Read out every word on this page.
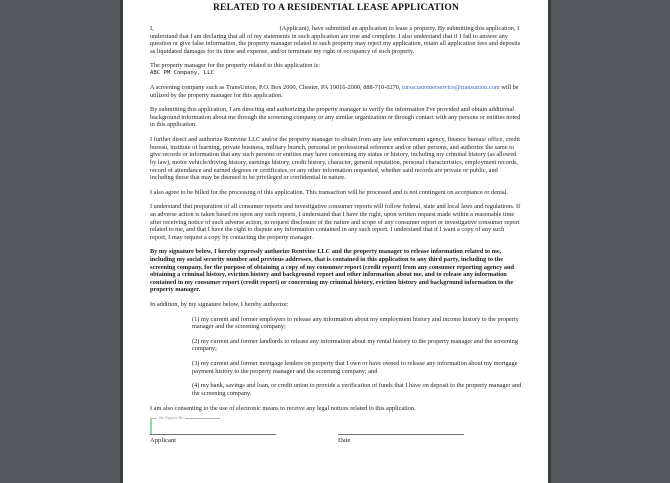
RELATED TO A RESIDENTIAL LEASE APPLICATION

I,	(Applicant), have submitted an application to lease a property. By submitting this application, I understand that I am declaring that all of my statements in such application are true and complete. I also understand that if I fail to answer any question or give false information, the property manager related to such property may reject my application, retain all application fees and deposits as liquidated damages for its time and expense, and/or terminate my right of occupancy of such property.

The property manager for the property related to this application is:

ABC PM Company, LLC

A screening company such as TransUnion, P.O. Box 2000, Chester, PA 19016-2000, 888-710-0270, tursscustomerservice@transunion.com will be utilized by the property manager for this application.

By submitting this application, I am directing and authorizing the property manager to verify the information I've provided and obtain additional background information about me through the screening company or any similar organization or through contact with any persons or entities noted in this application.

I further direct and authorize Rentvine LLC and/or the property manager to obtain from any law enforcement agency, finance bureau/ office, credit bureau, institute of learning, private business, military branch, personal or professional reference and/or other persons, and authorize the same to give records or information that any such persons or entities may have concerning my status or history, including my criminal history (as allowed by law), motor vehicle/driving history, earnings history, credit history, character, general reputation, personal characteristics, employment records, record of attendance and earned degrees or certificates, or any other information requested, whether said records are private or public, and including those that may be deemed to be privileged or confidential in nature.

I also agree to be billed for the processing of this application. This transaction will be processed and is not contingent on acceptance or denial.

I understand that preparation of all consumer reports and investigative consumer reports will follow federal, state and local laws and regulations. If an adverse action is taken based on upon any such reports, I understand that I have the right, upon written request made within a reasonable time after receiving notice of such adverse action, to request disclosure of the nature and scope of any consumer report or investigative consumer report related to me, and that I have the right to dispute any information contained in any such report. I understand that if I want a copy of any such report, I may request a copy by contacting the property manager.

By my signature below, I hereby expressly authorize Rentvine LLC and the property manager to release information related to me, including my social security number and previous addresses, that is contained in this application to any third party, including to the screening company, for the purpose of obtaining a copy of my consumer report (credit report) from any consumer reporting agency and obtaining a criminal history, eviction history and background report and other information about me, and to release any information contained in my consumer report (credit report) or concerning my criminal history, eviction history and background information to the property manager.

In addition, by my signature below, I hereby authorize:

(1) my current and former employers to release any information about my employment history and income history to the property manager and the screening company;

(2) my current and former landlords to release any information about my rental history to the property manager and the screening company;

(3) my current and former mortgage lenders on property that I own or have owned to release any information about my mortgage payment history to the property manager and the screening company; and

(4) my bank, savings and loan, or credit union to provide a verification of funds that I have on deposit to the property manager and the screening company.

I am also consenting to the use of electronic means to receive any legal notices related to this application.

Be Signed By
Applicant	Date
